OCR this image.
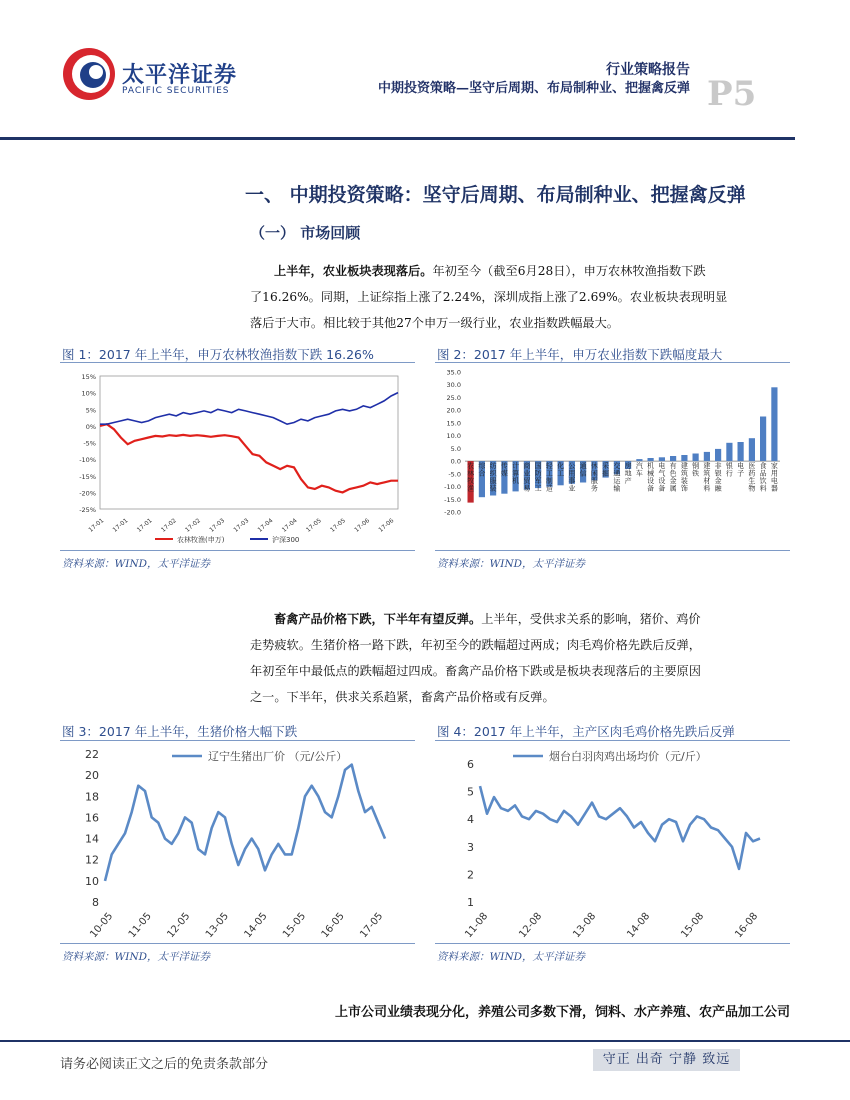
太平洋证券
PACIFIC SECURITIES
行业策略报告
中期投资策略—坚守后周期、布局制种业、把握禽反弹 P5
一、 中期投资策略：坚守后周期、布局制种业、把握禽反弹
（一） 市场回顾
上半年，农业板块表现落后。年初至今（截至6月28日），申万农林牧渔指数下跌
了16.26%。同期，上证综指上涨了2.24%，深圳成指上涨了2.69%。农业板块表现明显
落后于大市。相比较于其他27个申万一级行业，农业指数跌幅最大。
图 1：2017 年上半年，申万农林牧渔指数下跌 16.26%
15%
10%
5%
0%
-5%
-10%
-15%
-20%
-25%
17-01 17-01 17-01 17-02 17-02 17-03 17-03 17-04 17-04 17-05 17-05 17-06 17-06
农林牧渔(申万)	沪深300
资料来源：WIND，太平洋证券
图 2：2017 年上半年，申万农业指数下跌幅度最大
35.0
30.0
25.0
20.0
15.0
10.0
5.0
0.0
-5.0
-10.0
-15.0
-20.0
农林牧渔
综合
纺织服装
传媒
计算机
商业贸易
国防军工
轻工制造
化工
公用事业
通信
休闲服务
采掘
交通运输
房地产
汽车
机械设备
电气设备
有色金属
建筑装饰
钢铁
建筑材料
非银金融
银行
电子
医药生物
食品饮料
家用电器
资料来源：WIND，太平洋证券
畜禽产品价格下跌，下半年有望反弹。上半年，受供求关系的影响，猪价、鸡价
走势疲软。生猪价格一路下跌，年初至今的跌幅超过两成；肉毛鸡价格先跌后反弹，
年初至年中最低点的跌幅超过四成。畜禽产品价格下跌或是板块表现落后的主要原因
之一。下半年，供求关系趋紧，畜禽产品价格或有反弹。
图 3：2017 年上半年，生猪价格大幅下跌
22
20
18
16
14
12
10
8
10-05 11-05 12-05 13-05 14-05 15-05 16-05 17-05
辽宁生猪出厂价 （元/公斤）
资料来源：WIND，太平洋证券
图 4：2017 年上半年，主产区肉毛鸡价格先跌后反弹
6
5
4
3
2
1
11-08	12-08	13-08	14-08	15-08	16-08
烟台白羽肉鸡出场均价（元/斤）
资料来源：WIND，太平洋证券
上市公司业绩表现分化，养殖公司多数下滑，饲料、水产养殖、农产品加工公司
请务必阅读正文之后的免责条款部分	守正 出奇 宁静 致远
